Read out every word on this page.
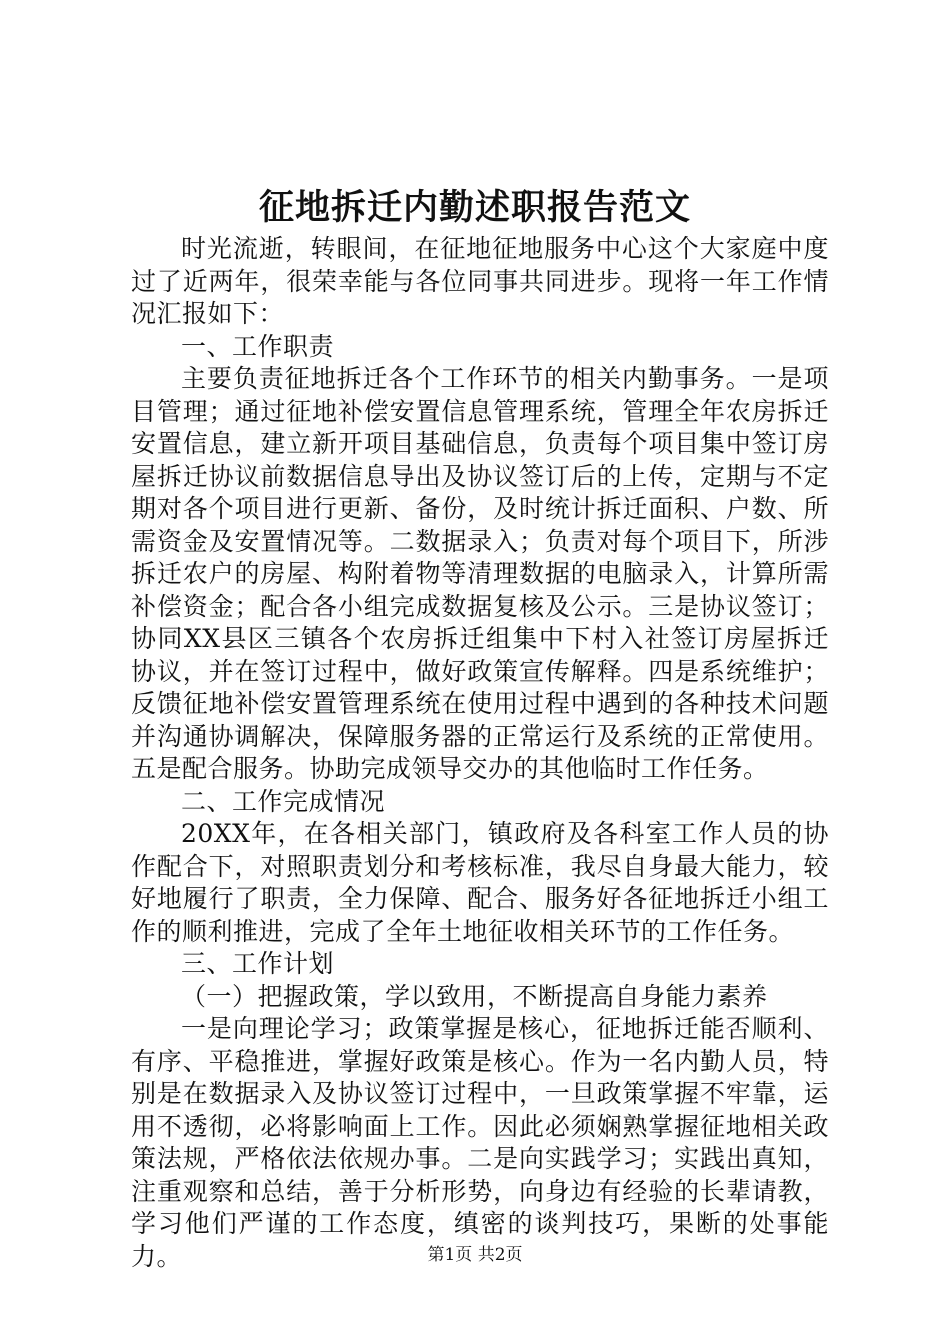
征地拆迁内勤述职报告范文

时光流逝，转眼间，在征地征地服务中心这个大家庭中度过了近两年，很荣幸能与各位同事共同进步。现将一年工作情况汇报如下：

一、工作职责

主要负责征地拆迁各个工作环节的相关内勤事务。一是项目管理；通过征地补偿安置信息管理系统，管理全年农房拆迁安置信息，建立新开项目基础信息，负责每个项目集中签订房屋拆迁协议前数据信息导出及协议签订后的上传，定期与不定期对各个项目进行更新、备份，及时统计拆迁面积、户数、所需资金及安置情况等。二数据录入；负责对每个项目下，所涉拆迁农户的房屋、构附着物等清理数据的电脑录入，计算所需补偿资金；配合各小组完成数据复核及公示。三是协议签订；协同XX县区三镇各个农房拆迁组集中下村入社签订房屋拆迁协议，并在签订过程中，做好政策宣传解释。四是系统维护；反馈征地补偿安置管理系统在使用过程中遇到的各种技术问题并沟通协调解决，保障服务器的正常运行及系统的正常使用。五是配合服务。协助完成领导交办的其他临时工作任务。

二、工作完成情况

20XX年，在各相关部门，镇政府及各科室工作人员的协作配合下，对照职责划分和考核标准，我尽自身最大能力，较好地履行了职责，全力保障、配合、服务好各征地拆迁小组工作的顺利推进，完成了全年土地征收相关环节的工作任务。

三、工作计划

（一）把握政策，学以致用，不断提高自身能力素养

一是向理论学习；政策掌握是核心，征地拆迁能否顺利、有序、平稳推进，掌握好政策是核心。作为一名内勤人员，特别是在数据录入及协议签订过程中，一旦政策掌握不牢靠，运用不透彻，必将影响面上工作。因此必须娴熟掌握征地相关政策法规，严格依法依规办事。二是向实践学习；实践出真知，注重观察和总结，善于分析形势，向身边有经验的长辈请教，学习他们严谨的工作态度，缜密的谈判技巧，果断的处事能力。	第1页 共2页
